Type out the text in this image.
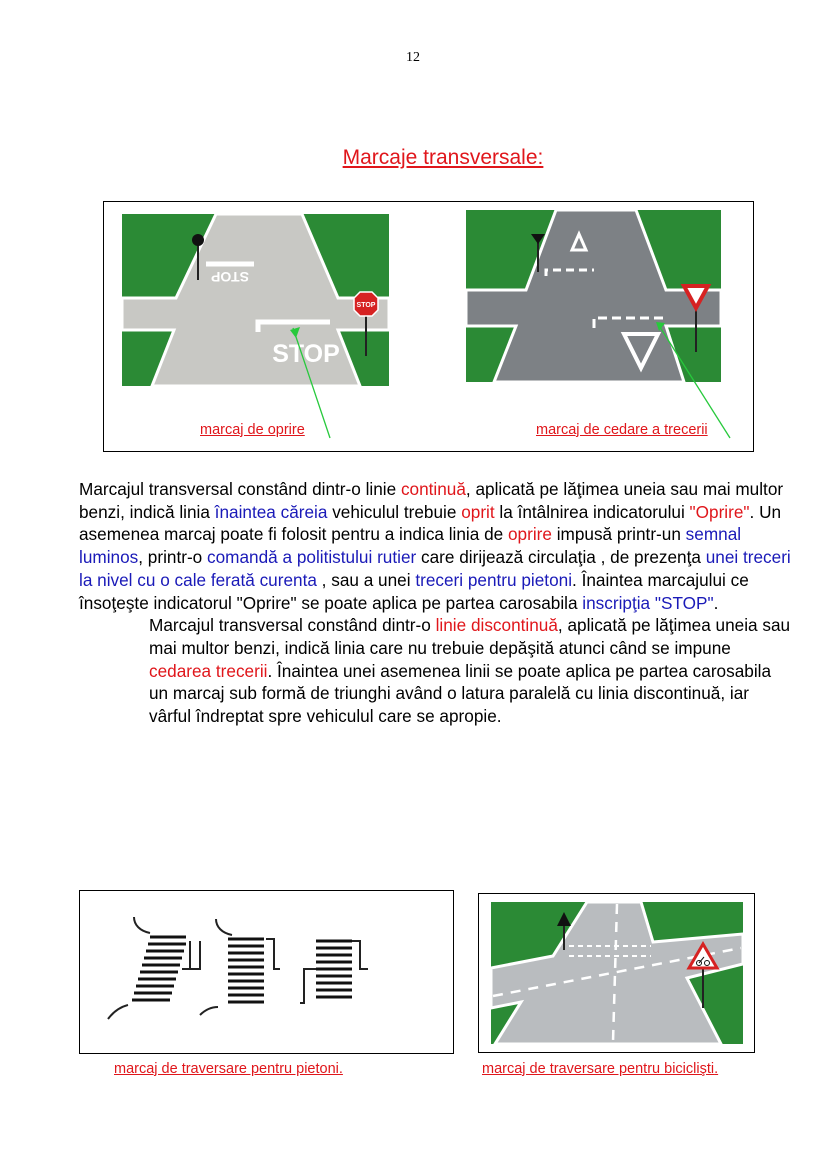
12
Marcaje transversale:
STOP
STOP
STOP
marcaj de oprire	marcaj de cedare a trecerii

Marcajul transversal constând dintr-o linie continuă, aplicată pe lăţimea uneia sau mai multor benzi, indică linia înaintea căreia vehiculul trebuie oprit la întâlnirea indicatorului "Oprire". Un asemenea marcaj poate fi folosit pentru a indica linia de oprire impusă printr-un semnal luminos, printr-o comandă a politistului rutier care dirijează circulaţia , de prezenţa unei treceri la nivel cu o cale ferată curenta , sau a unei treceri pentru pietoni. Înaintea marcajului ce însoţeşte indicatorul "Oprire" se poate aplica pe partea carosabila inscripţia "STOP".

Marcajul transversal constând dintr-o linie discontinuă, aplicată pe lăţimea uneia sau mai multor benzi, indică linia care nu trebuie depăşită atunci când se impune cedarea trecerii. Înaintea unei asemenea linii se poate aplica pe partea carosabila un marcaj sub formă de triunghi având o latura paralelă cu linia discontinuă, iar vârful îndreptat spre vehiculul care se apropie.

marcaj de traversare pentru pietoni.	marcaj de traversare pentru biciclişti.
